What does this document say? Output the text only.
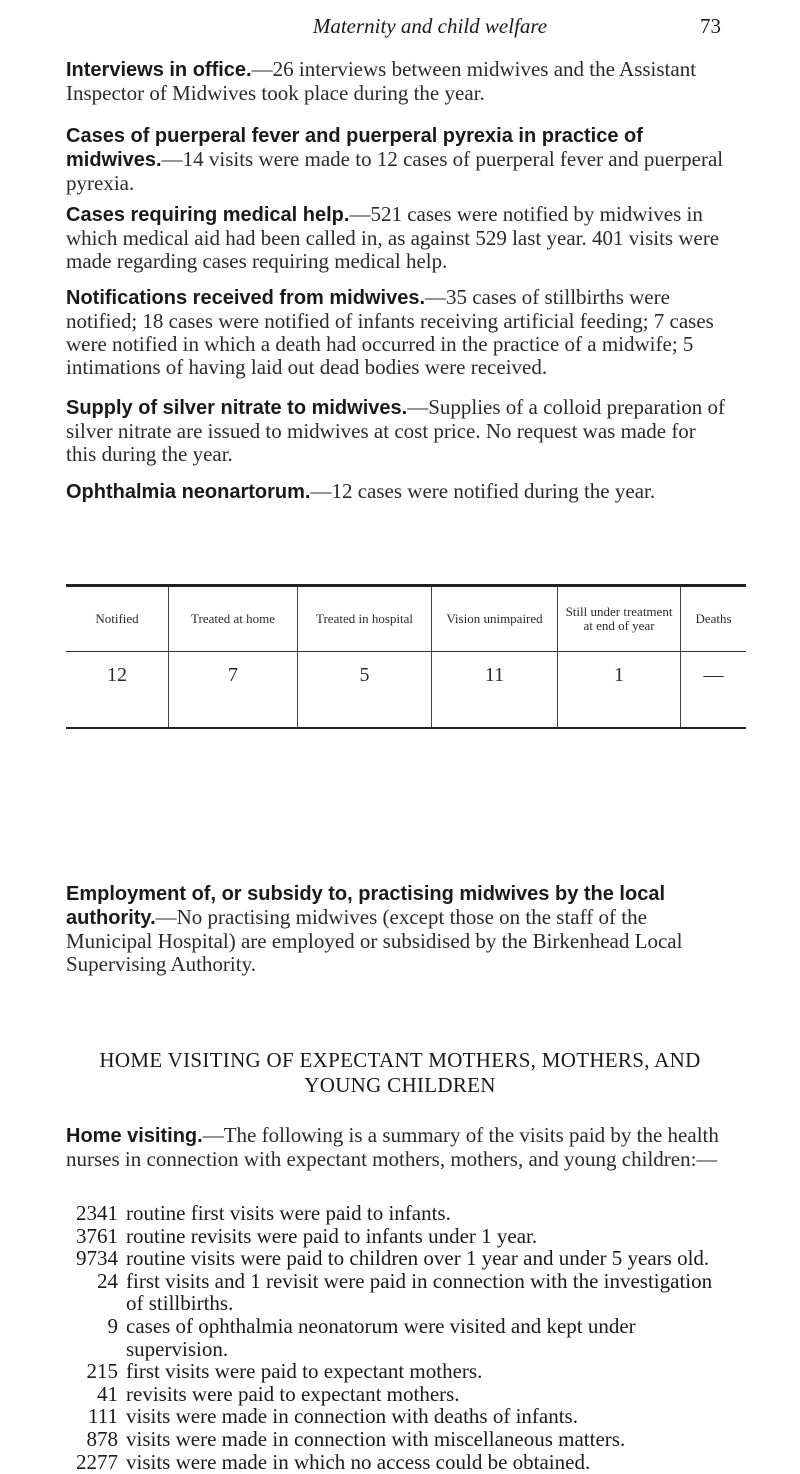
Maternity and child welfare	73

Interviews in office.—26 interviews between midwives and the Assistant Inspector of Midwives took place during the year.

Cases of puerperal fever and puerperal pyrexia in practice of midwives.—14 visits were made to 12 cases of puerperal fever and puerperal pyrexia.

Cases requiring medical help.—521 cases were notified by midwives in which medical aid had been called in, as against 529 last year. 401 visits were made regarding cases requiring medical help.

Notifications received from midwives.—35 cases of stillbirths were notified; 18 cases were notified of infants receiving artificial feeding; 7 cases were notified in which a death had occurred in the practice of a midwife; 5 intimations of having laid out dead bodies were received.

Supply of silver nitrate to midwives.—Supplies of a colloid preparation of silver nitrate are issued to midwives at cost price. No request was made for this during the year.

Ophthalmia neonartorum.—12 cases were notified during the year.

Notified	Treated at home	Treated in hospital	Vision unimpaired	Still under treatment at end of year	Deaths
12	7	5	11	1	—

Employment of, or subsidy to, practising midwives by the local authority.—No practising midwives (except those on the staff of the Municipal Hospital) are employed or subsidised by the Birkenhead Local Supervising Authority.

HOME VISITING OF EXPECTANT MOTHERS, MOTHERS, AND
YOUNG CHILDREN

Home visiting.—The following is a summary of the visits paid by the health nurses in connection with expectant mothers, mothers, and young children:—

2341 routine first visits were paid to infants.
3761 routine revisits were paid to infants under 1 year.
9734 routine visits were paid to children over 1 year and under 5 years old.
24 first visits and 1 revisit were paid in connection with the investigation of stillbirths.
9 cases of ophthalmia neonatorum were visited and kept under supervision.
215 first visits were paid to expectant mothers.
41 revisits were paid to expectant mothers.
111 visits were made in connection with deaths of infants.
878 visits were made in connection with miscellaneous matters.
2277 visits were made in which no access could be obtained.
